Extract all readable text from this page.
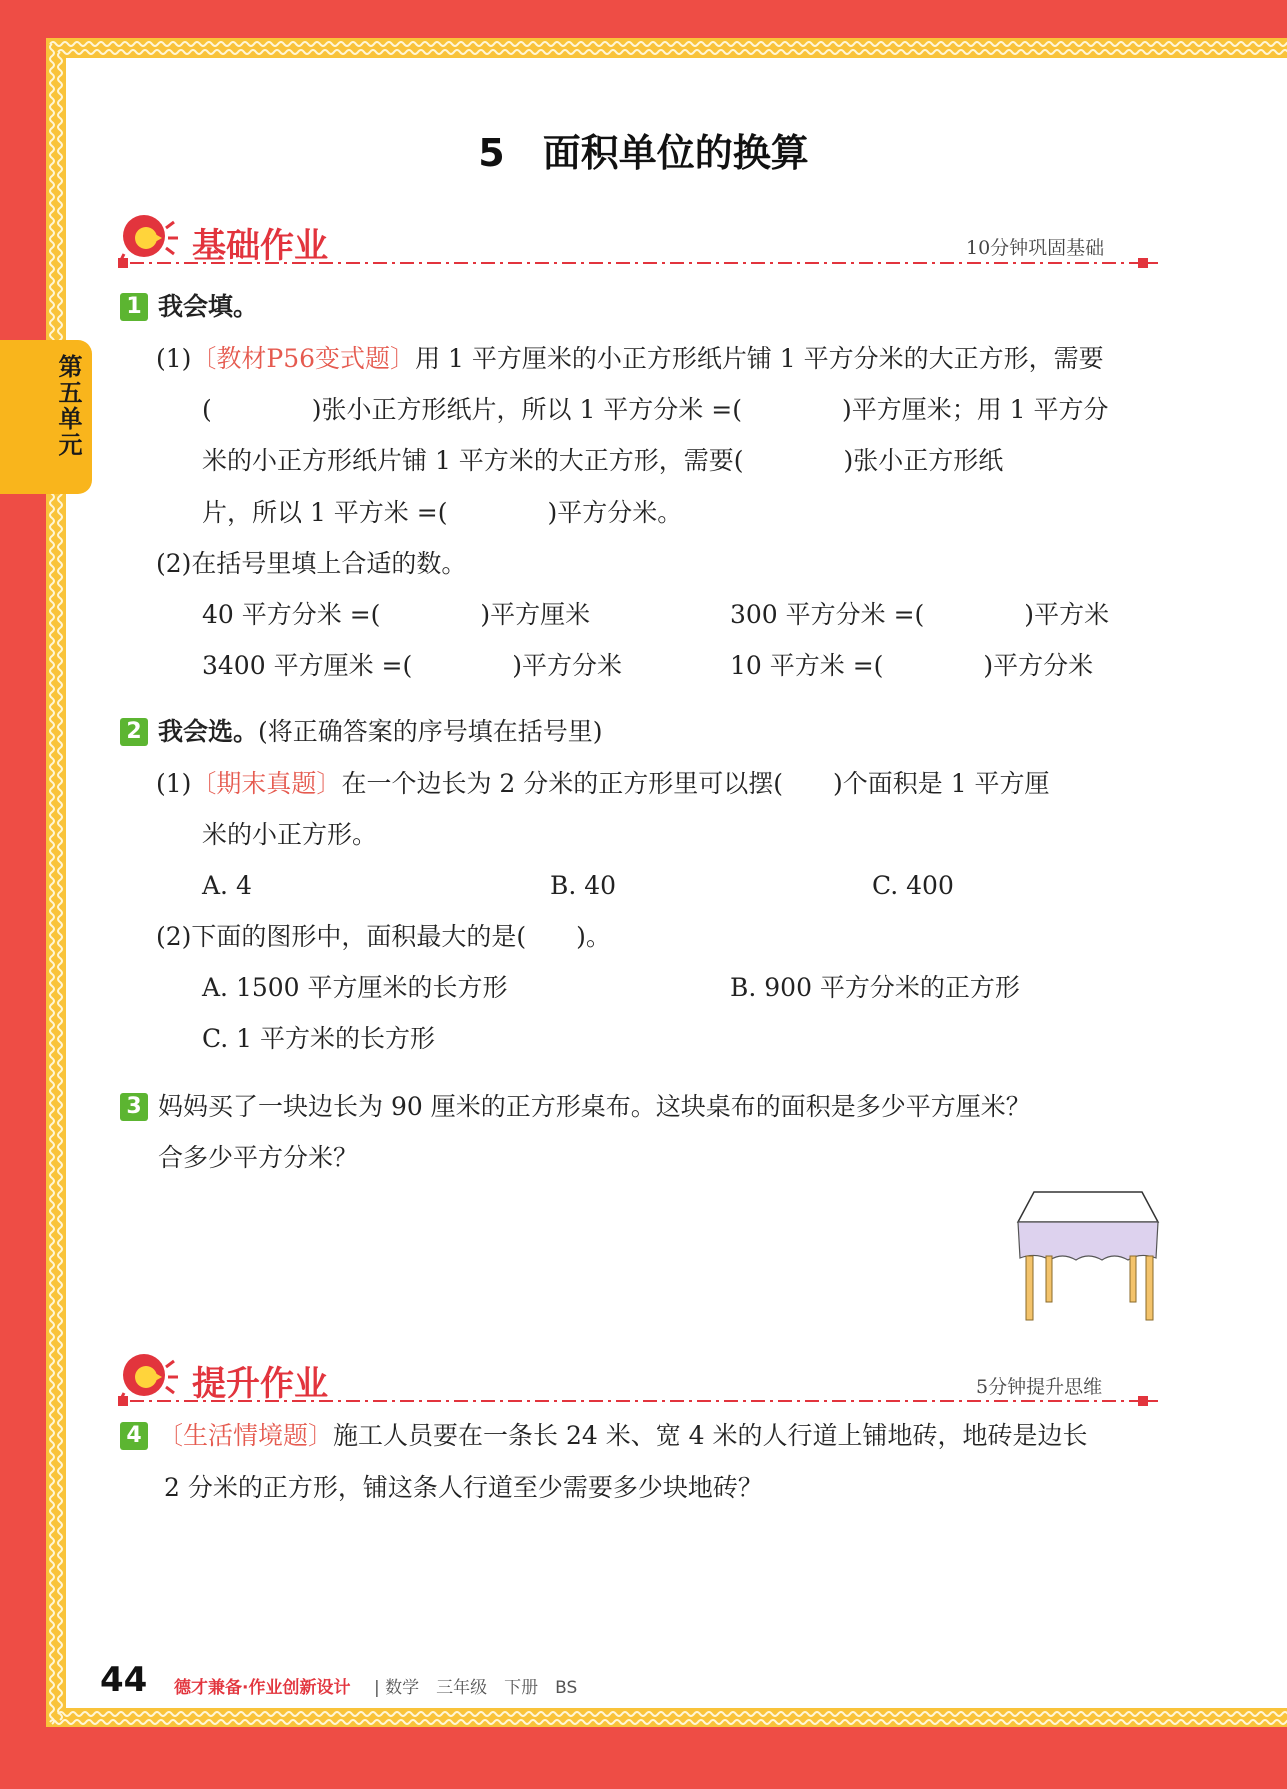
第五单元
5　面积单位的换算
基础作业	10分钟巩固基础
1 我会填。
(1)〔教材P56变式题〕用 1 平方厘米的小正方形纸片铺 1 平方分米的大正方形，需要
(　　　　)张小正方形纸片，所以 1 平方分米 =(　　　　)平方厘米；用 1 平方分
米的小正方形纸片铺 1 平方米的大正方形，需要(　　　　)张小正方形纸
片，所以 1 平方米 =(　　　　)平方分米。
(2)在括号里填上合适的数。
40 平方分米 =(　　　　)平方厘米	300 平方分米 =(　　　　)平方米
3400 平方厘米 =(　　　　)平方分米	10 平方米 =(　　　　)平方分米
2 我会选。(将正确答案的序号填在括号里)
(1)〔期末真题〕在一个边长为 2 分米的正方形里可以摆(　　)个面积是 1 平方厘
米的小正方形。
A. 4	B. 40	C. 400
(2)下面的图形中，面积最大的是(　　)。
A. 1500 平方厘米的长方形	B. 900 平方分米的正方形
C. 1 平方米的长方形
3 妈妈买了一块边长为 90 厘米的正方形桌布。这块桌布的面积是多少平方厘米？
合多少平方分米？
提升作业	5分钟提升思维
4 〔生活情境题〕施工人员要在一条长 24 米、宽 4 米的人行道上铺地砖，地砖是边长
2 分米的正方形，铺这条人行道至少需要多少块地砖？
44 德才兼备·作业创新设计 | 数学　三年级　下册　BS
